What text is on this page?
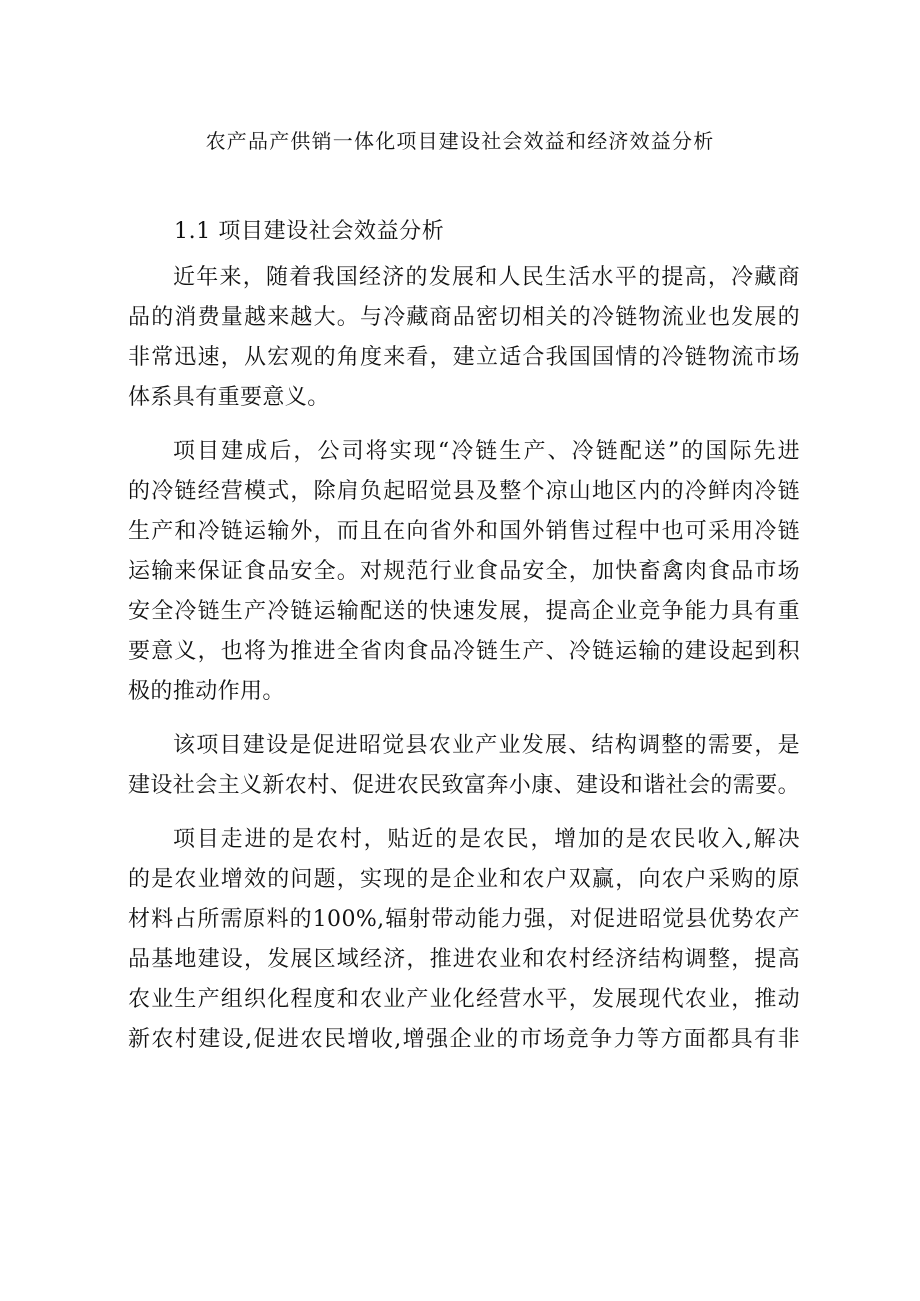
农产品产供销一体化项目建设社会效益和经济效益分析
1.1 项目建设社会效益分析
近年来，随着我国经济的发展和人民生活水平的提高，冷藏商
品的消费量越来越大。与冷藏商品密切相关的冷链物流业也发展的
非常迅速，从宏观的角度来看，建立适合我国国情的冷链物流市场
体系具有重要意义。
项目建成后，公司将实现“冷链生产、冷链配送”的国际先进
的冷链经营模式，除肩负起昭觉县及整个凉山地区内的冷鲜肉冷链
生产和冷链运输外，而且在向省外和国外销售过程中也可采用冷链
运输来保证食品安全。对规范行业食品安全，加快畜禽肉食品市场
安全冷链生产冷链运输配送的快速发展，提高企业竞争能力具有重
要意义，也将为推进全省肉食品冷链生产、冷链运输的建设起到积
极的推动作用。
该项目建设是促进昭觉县农业产业发展、结构调整的需要，是
建设社会主义新农村、促进农民致富奔小康、建设和谐社会的需要。
项目走进的是农村，贴近的是农民，增加的是农民收入,解决
的是农业增效的问题，实现的是企业和农户双赢，向农户采购的原
材料占所需原料的100%,辐射带动能力强，对促进昭觉县优势农产
品基地建设，发展区域经济，推进农业和农村经济结构调整，提高
农业生产组织化程度和农业产业化经营水平，发展现代农业，推动
新农村建设,促进农民增收,增强企业的市场竞争力等方面都具有非
